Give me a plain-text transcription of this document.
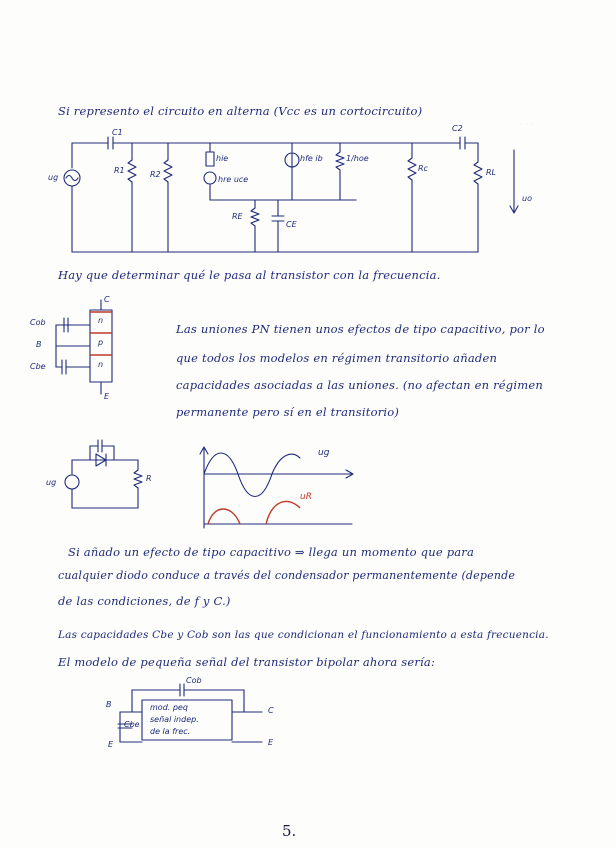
· · ·
Si represento el circuito en alterna (Vcc es un cortocircuito)
Hay que determinar qué le pasa al transistor con la frecuencia.
Las uniones PN tienen unos efectos de tipo capacitivo, por lo
que todos los modelos en régimen transitorio añaden
capacidades asociadas a las uniones. (no afectan en régimen
permanente pero sí en el transitorio)
Si añado un efecto de tipo capacitivo ⇒ llega un momento que para
cualquier diodo conduce a través del condensador permanentemente (depende
de las condiciones, de f y C.)
Las capacidades Cbe y Cob son las que condicionan el funcionamiento a esta frecuencia.
El modelo de pequeña señal del transistor bipolar ahora sería:
5.
C1	C2
ug
R1	R2
hie
hre uce
hfe ib	1/hoe
RE
CE
Rc	RL
uo
Cob
B
Cbe
C
E
n
p
n
ug	R
ug
uR
Cob
B
Cbe
E
C
E
mod. peq
señal indep.
de la frec.
